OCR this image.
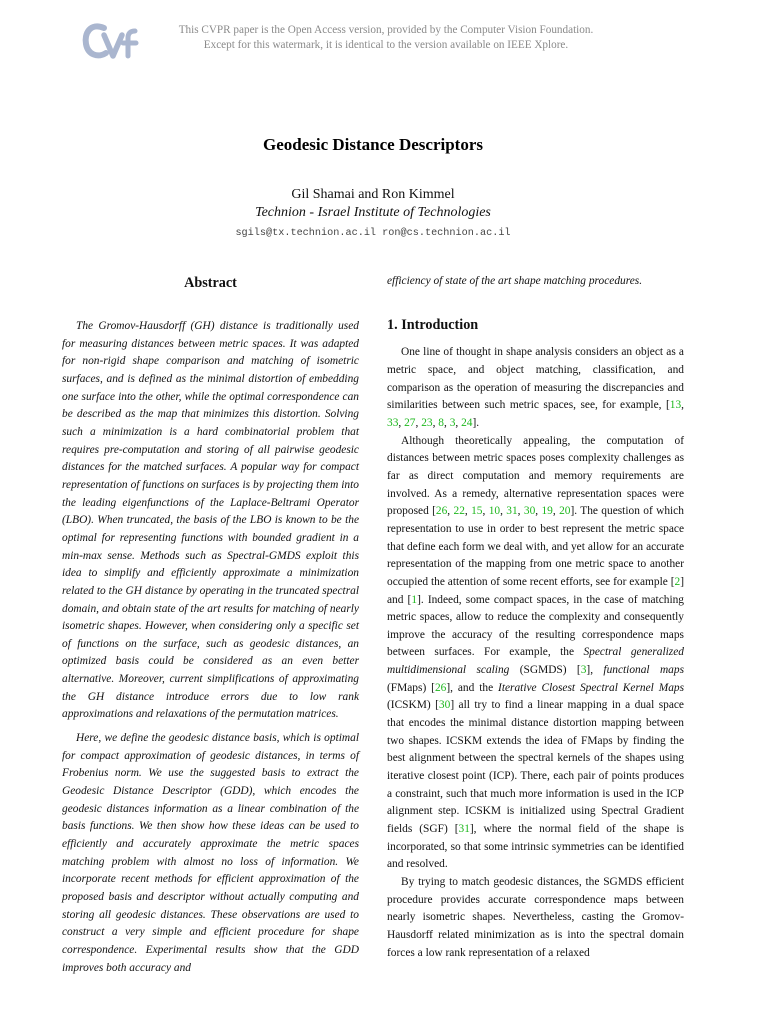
This CVPR paper is the Open Access version, provided by the Computer Vision Foundation.
Except for this watermark, it is identical to the version available on IEEE Xplore.
Geodesic Distance Descriptors
Gil Shamai and Ron Kimmel
Technion - Israel Institute of Technologies
sgils@tx.technion.ac.il ron@cs.technion.ac.il
Abstract

The Gromov-Hausdorff (GH) distance is traditionally used for measuring distances between metric spaces. It was adapted for non-rigid shape comparison and matching of isometric surfaces, and is defined as the minimal distortion of embedding one surface into the other, while the optimal correspondence can be described as the map that minimizes this distortion. Solving such a minimization is a hard combinatorial problem that requires pre-computation and storing of all pairwise geodesic distances for the matched surfaces. A popular way for compact representation of functions on surfaces is by projecting them into the leading eigenfunctions of the Laplace-Beltrami Operator (LBO). When truncated, the basis of the LBO is known to be the optimal for representing functions with bounded gradient in a min-max sense. Methods such as Spectral-GMDS exploit this idea to simplify and efficiently approximate a minimization related to the GH distance by operating in the truncated spectral domain, and obtain state of the art results for matching of nearly isometric shapes. However, when considering only a specific set of functions on the surface, such as geodesic distances, an optimized basis could be considered as an even better alternative. Moreover, current simplifications of approximating the GH distance introduce errors due to low rank approximations and relaxations of the permutation matrices.

Here, we define the geodesic distance basis, which is optimal for compact approximation of geodesic distances, in terms of Frobenius norm. We use the suggested basis to extract the Geodesic Distance Descriptor (GDD), which encodes the geodesic distances information as a linear combination of the basis functions. We then show how these ideas can be used to efficiently and accurately approximate the metric spaces matching problem with almost no loss of information. We incorporate recent methods for efficient approximation of the proposed basis and descriptor without actually computing and storing all geodesic distances. These observations are used to construct a very simple and efficient procedure for shape correspondence. Experimental results show that the GDD improves both accuracy and

efficiency of state of the art shape matching procedures.

1. Introduction

One line of thought in shape analysis considers an object as a metric space, and object matching, classification, and comparison as the operation of measuring the discrepancies and similarities between such metric spaces, see, for example, [13, 33, 27, 23, 8, 3, 24].

Although theoretically appealing, the computation of distances between metric spaces poses complexity challenges as far as direct computation and memory requirements are involved. As a remedy, alternative representation spaces were proposed [26, 22, 15, 10, 31, 30, 19, 20]. The question of which representation to use in order to best represent the metric space that define each form we deal with, and yet allow for an accurate representation of the mapping from one metric space to another occupied the attention of some recent efforts, see for example [2] and [1]. Indeed, some compact spaces, in the case of matching metric spaces, allow to reduce the complexity and consequently improve the accuracy of the resulting correspondence maps between surfaces. For example, the Spectral generalized multidimensional scaling (SGMDS) [3], functional maps (FMaps) [26], and the Iterative Closest Spectral Kernel Maps (ICSKM) [30] all try to find a linear mapping in a dual space that encodes the minimal distance distortion mapping between two shapes. ICSKM extends the idea of FMaps by finding the best alignment between the spectral kernels of the shapes using iterative closest point (ICP). There, each pair of points produces a constraint, such that much more information is used in the ICP alignment step. ICSKM is initialized using Spectral Gradient fields (SGF) [31], where the normal field of the shape is incorporated, so that some intrinsic symmetries can be identified and resolved.

By trying to match geodesic distances, the SGMDS efficient procedure provides accurate correspondence maps between nearly isometric shapes. Nevertheless, casting the Gromov-Hausdorff related minimization as is into the spectral domain forces a low rank representation of a relaxed
